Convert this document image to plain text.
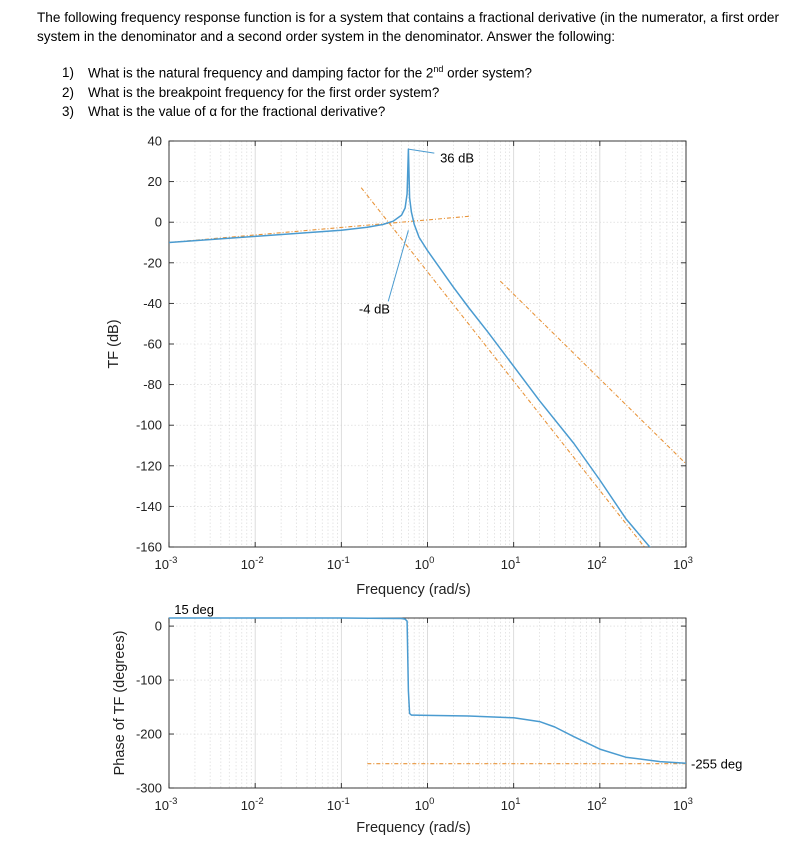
The following frequency response function is for a system that contains a fractional derivative (in the numerator, a first order system in the denominator and a second order system in the denominator. Answer the following:

1) What is the natural frequency and damping factor for the 2nd order system?
2) What is the breakpoint frequency for the first order system?
3) What is the value of α for the fractional derivative?
40
20
0
-20
-40
-60
-80
-100
-120
-140
-160
$10^{-3}$	$10^{-2}$	$10^{-1}$	$10^0$	$10^1$	$10^2$	$10^3$
Frequency (rad/s)
TF (dB)
36 dB
-4 dB
0
-100
-200
-300
$10^{-3}$	$10^{-2}$	$10^{-1}$	$10^0$	$10^1$	$10^2$	$10^3$
Frequency (rad/s)
Phase of TF (degrees)
15 deg
-255 deg
